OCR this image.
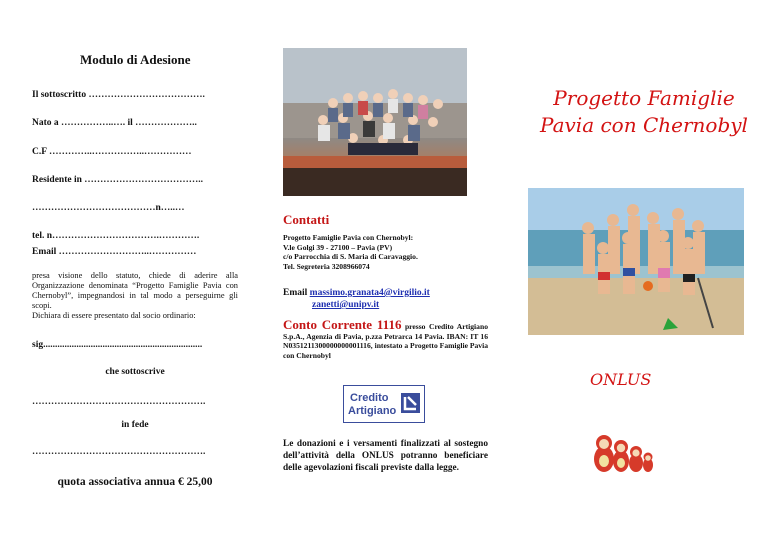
Modulo di Adesione
Il sottoscritto ……………………………….
Nato a ……………..…. il ………………..
C.F …………..……………..……………
Residente in ………………………………..
…………………………………n…..…
tel. n…………………………….………….
Email ………………………..……………

presa visione dello statuto, chiede di aderire alla Organizzazione denominata “Progetto Famiglie Pavia con Chernobyl”, impegnandosi in tal modo a perseguirne gli scopi.

Dichiara di essere presentato dal socio ordinario:

sig...................................................................
che sottoscrive
……………………………………………….
in fede
……………………………………………….
quota associativa annua € 25,00
Contatti
Progetto Famiglie Pavia con Chernobyl:
V.le Golgi 39 - 27100 – Pavia (PV)
c/o Parrocchia di S. Maria di Caravaggio.
Tel. Segreteria 3208966074
Email massimo.granata4@virgilio.it
zanetti@unipv.it
Conto Corrente 1116 presso Credito Artigiano S.p.A., Agenzia di Pavia, p.zza Petrarca 14 Pavia. IBAN: IT 16 N0351211300000000001116, intestato a Progetto Famiglie Pavia con Chernobyl
Credito
Artigiano
Le donazioni e i versamenti finalizzati al sostegno dell’attività della ONLUS potranno beneficiare delle agevolazioni fiscali previste dalla legge.
Progetto Famiglie
Pavia con Chernobyl
ONLUS
